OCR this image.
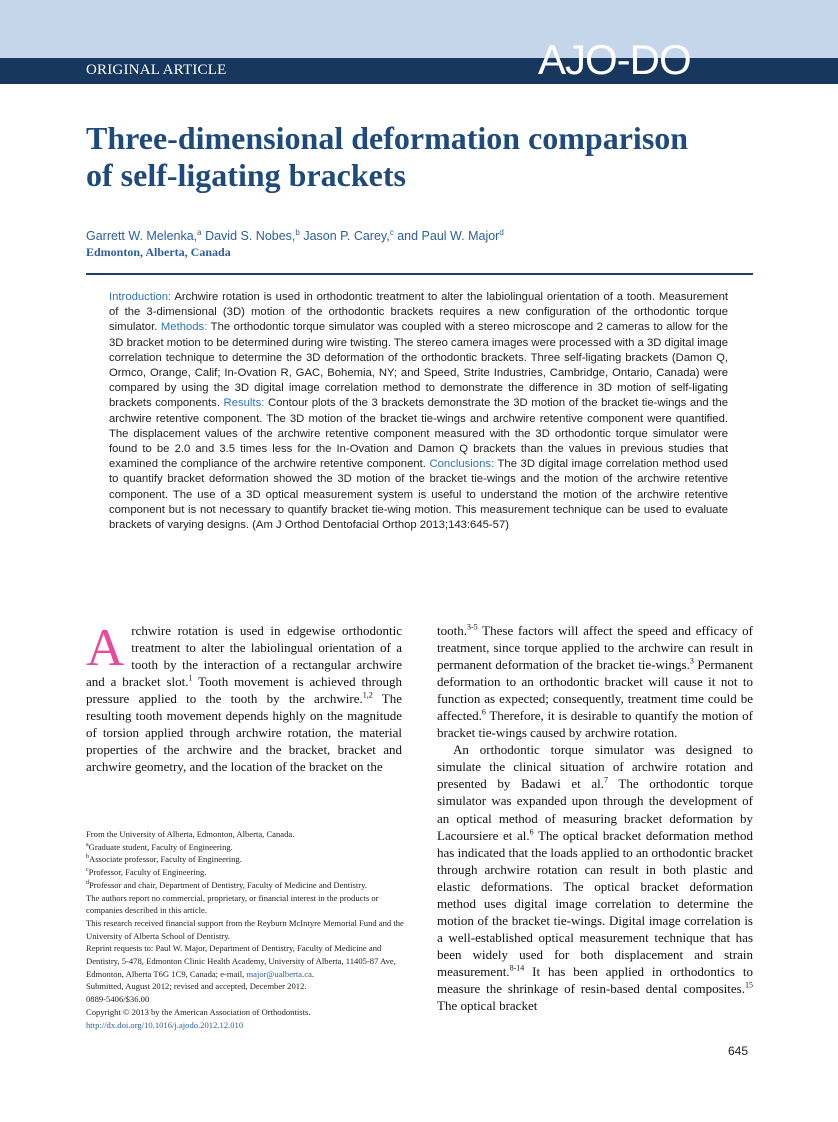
ORIGINAL ARTICLE	AJO-DO
Three-dimensional deformation comparison
of self-ligating brackets
Garrett W. Melenka,$^a$ David S. Nobes,$^b$ Jason P. Carey,$^c$ and Paul W. Major$^d$
Edmonton, Alberta, Canada
Introduction: Archwire rotation is used in orthodontic treatment to alter the labiolingual orientation of a tooth. Measurement of the 3-dimensional (3D) motion of the orthodontic brackets requires a new configuration of the orthodontic torque simulator. Methods: The orthodontic torque simulator was coupled with a stereo microscope and 2 cameras to allow for the 3D bracket motion to be determined during wire twisting. The stereo camera images were processed with a 3D digital image correlation technique to determine the 3D deformation of the orthodontic brackets. Three self-ligating brackets (Damon Q, Ormco, Orange, Calif; In-Ovation R, GAC, Bohemia, NY; and Speed, Strite Industries, Cambridge, Ontario, Canada) were compared by using the 3D digital image correlation method to demonstrate the difference in 3D motion of self-ligating brackets components. Results: Contour plots of the 3 brackets demonstrate the 3D motion of the bracket tie-wings and the archwire retentive component. The 3D motion of the bracket tie-wings and archwire retentive component were quantified. The displacement values of the archwire retentive component measured with the 3D orthodontic torque simulator were found to be 2.0 and 3.5 times less for the In-Ovation and Damon Q brackets than the values in previous studies that examined the compliance of the archwire retentive component. Conclusions: The 3D digital image correlation method used to quantify bracket deformation showed the 3D motion of the bracket tie-wings and the motion of the archwire retentive component. The use of a 3D optical measurement system is useful to understand the motion of the archwire retentive component but is not necessary to quantify bracket tie-wing motion. This measurement technique can be used to evaluate brackets of varying designs. (Am J Orthod Dentofacial Orthop 2013;143:645-57)
Archwire rotation is used in edgewise orthodontic treatment to alter the labiolingual orientation of a tooth by the interaction of a rectangular archwire and a bracket slot.$^1$ Tooth movement is achieved through pressure applied to the tooth by the archwire.$^{1,2}$ The resulting tooth movement depends highly on the magnitude of torsion applied through archwire rotation, the material properties of the archwire and the bracket, bracket and archwire geometry, and the location of the bracket on the
tooth.$^{3-5}$ These factors will affect the speed and efficacy of treatment, since torque applied to the archwire can result in permanent deformation of the bracket tie-wings.$^3$ Permanent deformation to an orthodontic bracket will cause it not to function as expected; consequently, treatment time could be affected.$^6$ Therefore, it is desirable to quantify the motion of bracket tie-wings caused by archwire rotation.
An orthodontic torque simulator was designed to simulate the clinical situation of archwire rotation and presented by Badawi et al.$^7$ The orthodontic torque simulator was expanded upon through the development of an optical method of measuring bracket deformation by Lacoursiere et al.$^6$ The optical bracket deformation method has indicated that the loads applied to an orthodontic bracket through archwire rotation can result in both plastic and elastic deformations. The optical bracket deformation method uses digital image correlation to determine the motion of the bracket tie-wings. Digital image correlation is a well-established optical measurement technique that has been widely used for both displacement and strain measurement.$^{8-14}$ It has been applied in orthodontics to measure the shrinkage of resin-based dental composites.$^{15}$ The optical bracket
From the University of Alberta, Edmonton, Alberta, Canada.
$^a$Graduate student, Faculty of Engineering.
$^b$Associate professor, Faculty of Engineering.
$^c$Professor, Faculty of Engineering.
$^d$Professor and chair, Department of Dentistry, Faculty of Medicine and Dentistry.
The authors report no commercial, proprietary, or financial interest in the products or companies described in this article.
This research received financial support from the Reyburn McIntyre Memorial Fund and the University of Alberta School of Dentistry.
Reprint requests to: Paul W. Major, Department of Dentistry, Faculty of Medicine and Dentistry, 5-478, Edmonton Clinic Health Academy, University of Alberta, 11405-87 Ave, Edmonton, Alberta T6G 1C9, Canada; e-mail, major@ualberta.ca.
Submitted, August 2012; revised and accepted, December 2012.
0889-5406/$36.00
Copyright © 2013 by the American Association of Orthodontists.
http://dx.doi.org/10.1016/j.ajodo.2012.12.010
645
